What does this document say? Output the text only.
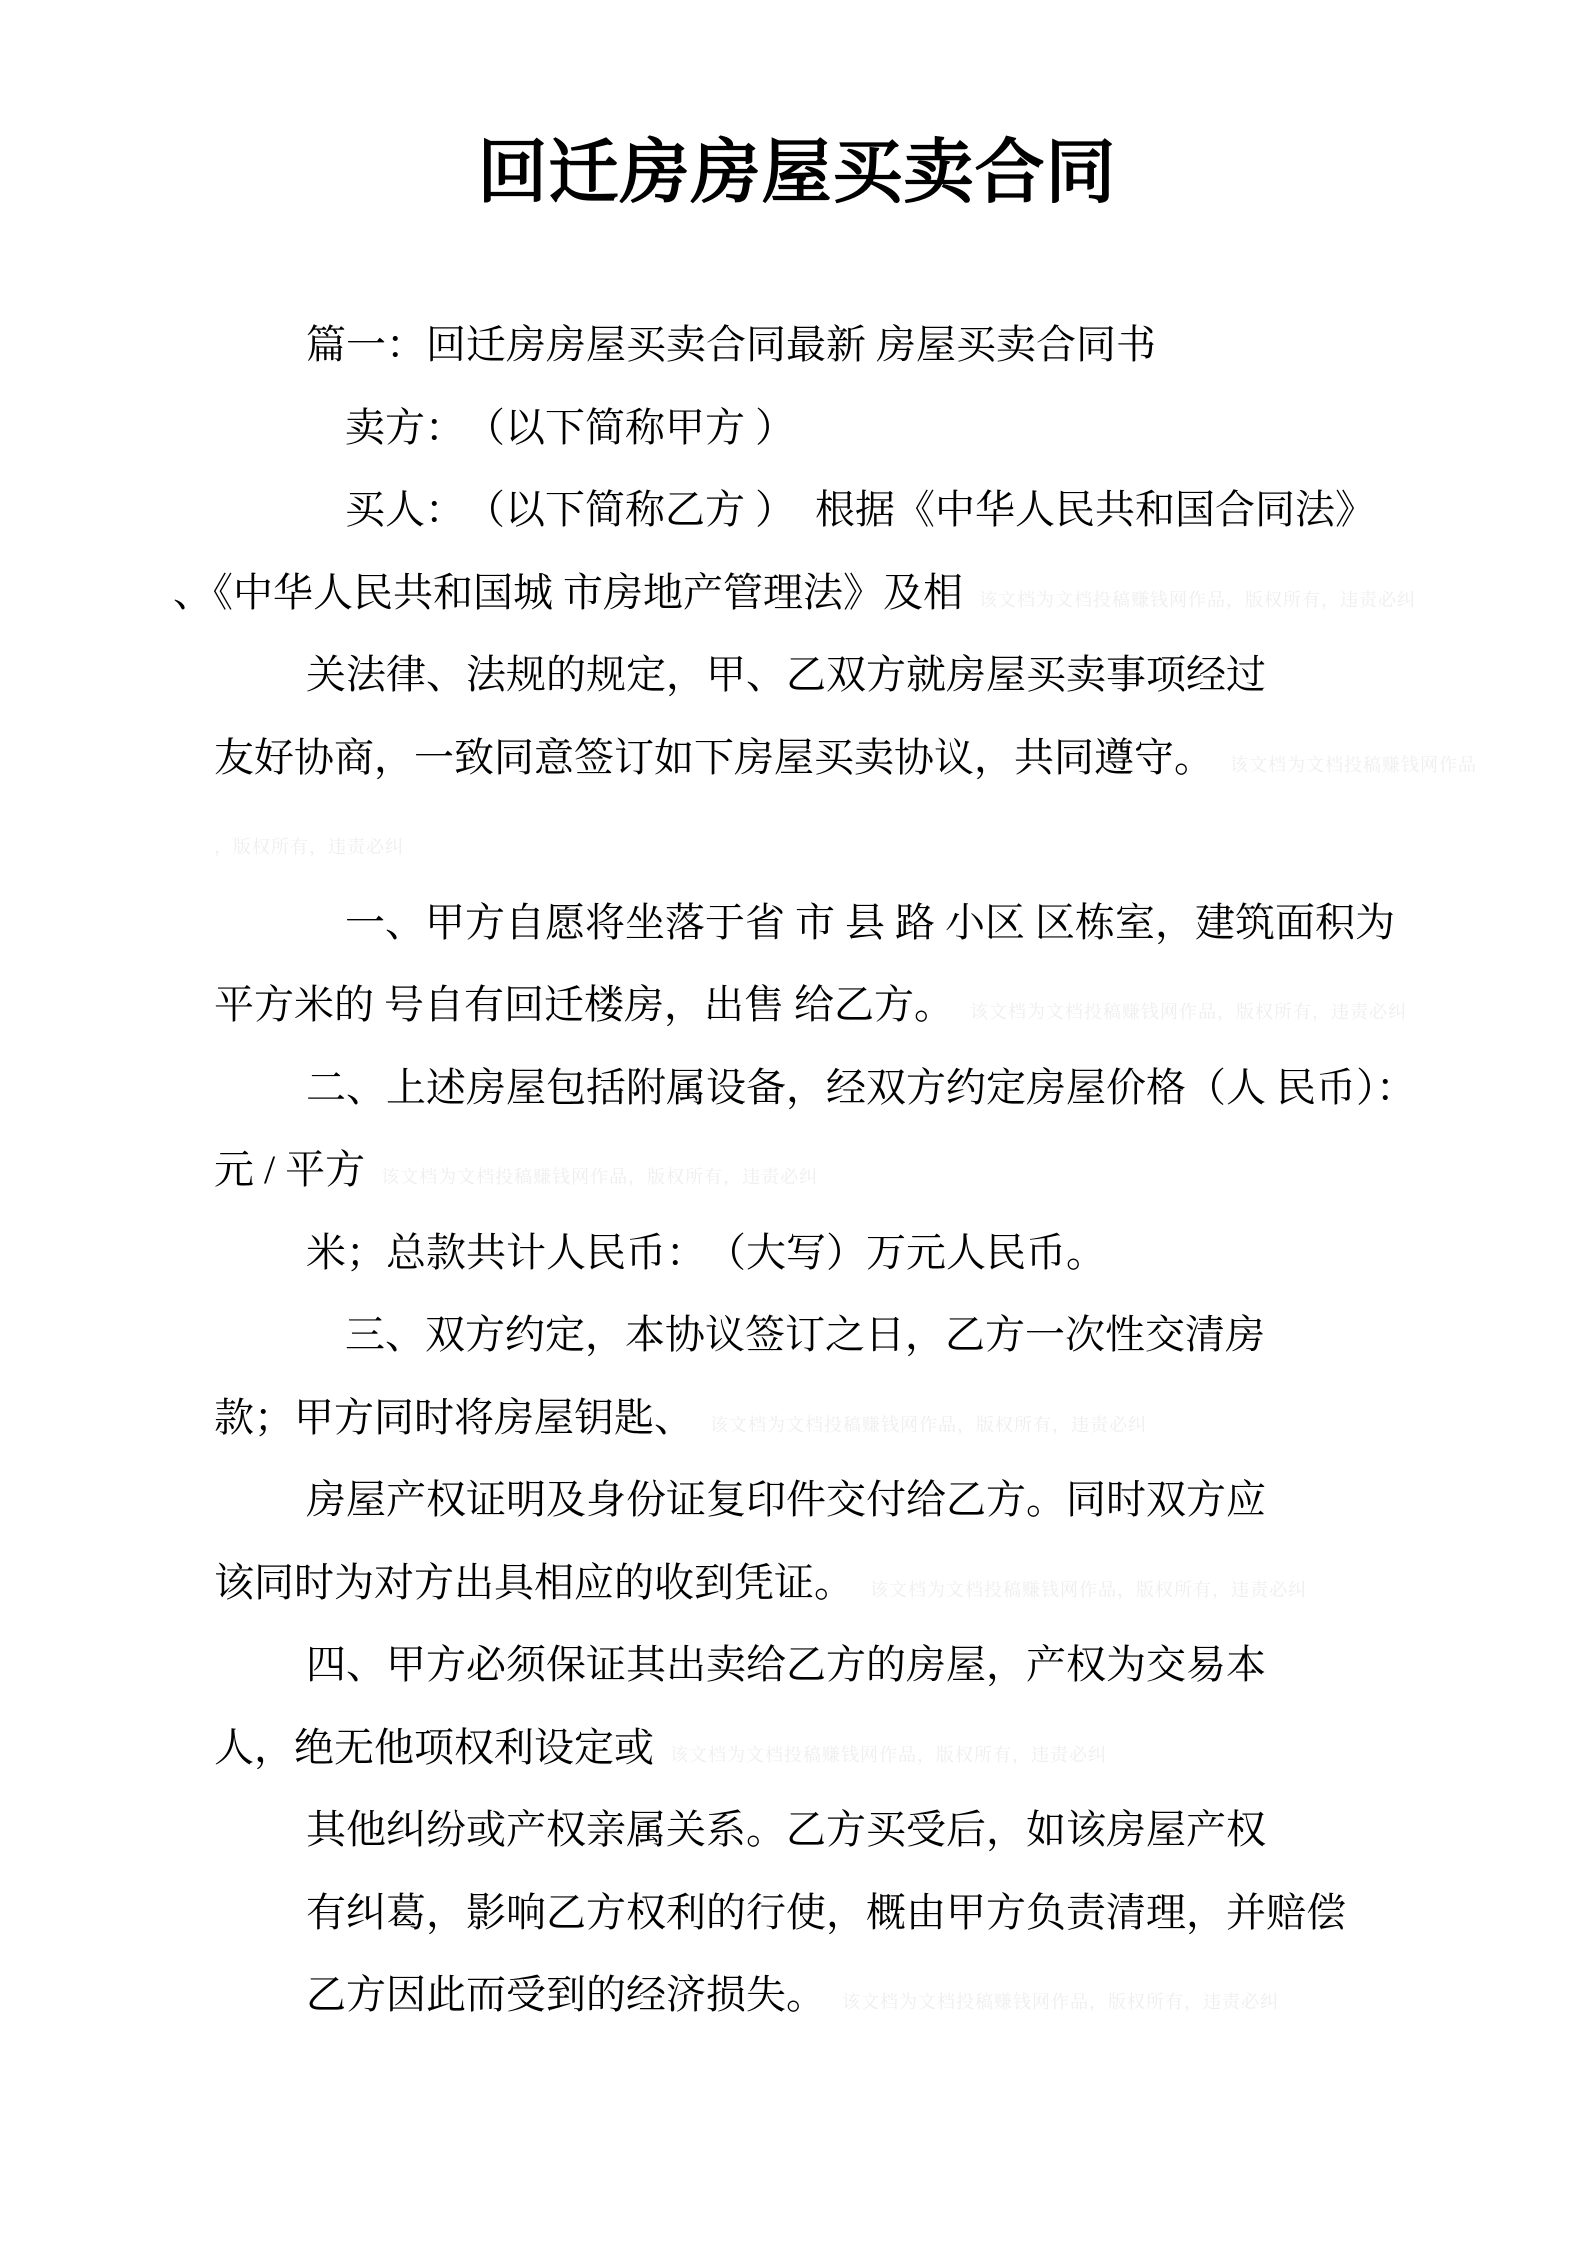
回迁房房屋买卖合同
篇一：回迁房房屋买卖合同最新 房屋买卖合同书
卖方：　（以下简称甲方 ）
买人：　（以下简称乙方 ）　根据《中华人民共和国合同法》
、《中华人民共和国城 市房地产管理法》及相 该文档为文档投稿赚钱网作品，版权所有，违责必纠
关法律、法规的规定，甲、乙双方就房屋买卖事项经过
友好协商，一致同意签订如下房屋买卖协议，共同遵守。 该文档为文档投稿赚钱网作品
，版权所有，违责必纠
一、甲方自愿将坐落于省 市 县 路 小区 区栋室，建筑面积为
平方米的 号自有回迁楼房，出售 给乙方。 该文档为文档投稿赚钱网作品，版权所有，违责必纠
二、上述房屋包括附属设备，经双方约定房屋价格（人 民币）：
元 / 平方 该文档为文档投稿赚钱网作品，版权所有，违责必纠
米；总款共计人民币：　（大写）万元人民币。
三、双方约定，本协议签订之日，乙方一次性交清房
款；甲方同时将房屋钥匙、 该文档为文档投稿赚钱网作品，版权所有，违责必纠
房屋产权证明及身份证复印件交付给乙方。同时双方应
该同时为对方出具相应的收到凭证。 该文档为文档投稿赚钱网作品，版权所有，违责必纠
四、甲方必须保证其出卖给乙方的房屋，产权为交易本
人，绝无他项权利设定或 该文档为文档投稿赚钱网作品，版权所有，违责必纠
其他纠纷或产权亲属关系。乙方买受后，如该房屋产权
有纠葛，影响乙方权利的行使，概由甲方负责清理，并赔偿
乙方因此而受到的经济损失。 该文档为文档投稿赚钱网作品，版权所有，违责必纠
